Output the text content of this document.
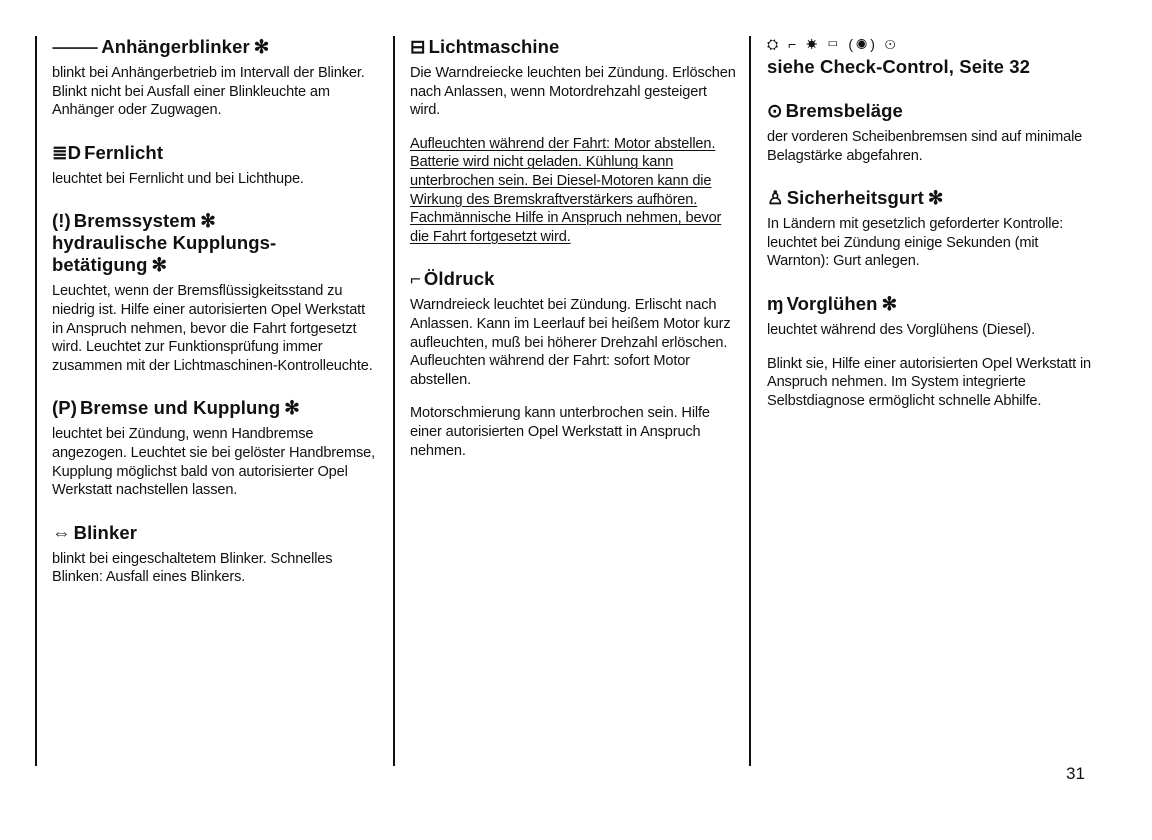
⸻ Anhängerblinker ✻

blinkt bei Anhängerbetrieb im Intervall der Blinker. Blinkt nicht bei Ausfall einer Blinkleuchte am Anhänger oder Zugwagen.

≣D Fernlicht

leuchtet bei Fernlicht und bei Lichthupe.

(!) Bremssystem ✻
hydraulische Kupplungs-betätigung ✻

Leuchtet, wenn der Bremsflüssigkeitsstand zu niedrig ist. Hilfe einer autorisierten Opel Werkstatt in Anspruch nehmen, bevor die Fahrt fortgesetzt wird. Leuchtet zur Funktionsprüfung immer zusammen mit der Lichtmaschinen-Kontrolleuchte.

(P) Bremse und Kupplung ✻

leuchtet bei Zündung, wenn Handbremse angezogen. Leuchtet sie bei gelöster Handbremse, Kupplung möglichst bald von autorisierter Opel Werkstatt nachstellen lassen.

⇔ Blinker

blinkt bei eingeschaltetem Blinker. Schnelles Blinken: Ausfall eines Blinkers.

⊟ Lichtmaschine

Die Warndreiecke leuchten bei Zündung. Erlöschen nach Anlassen, wenn Motordrehzahl gesteigert wird.

Aufleuchten während der Fahrt: Motor abstellen. Batterie wird nicht geladen. Kühlung kann unterbrochen sein. Bei Diesel-Motoren kann die Wirkung des Bremskraftverstärkers aufhören. Fachmännische Hilfe in Anspruch nehmen, bevor die Fahrt fortgesetzt wird.

⌐ Öldruck

Warndreieck leuchtet bei Zündung. Erlischt nach Anlassen. Kann im Leerlauf bei heißem Motor kurz aufleuchten, muß bei höherer Drehzahl erlöschen. Aufleuchten während der Fahrt: sofort Motor abstellen.

Motorschmierung kann unterbrochen sein. Hilfe einer autorisierten Opel Werkstatt in Anspruch nehmen.

⛭ ⌐ ☀ ▭ (◉) ⊙
siehe Check-Control, Seite 32
⊙ Bremsbeläge

der vorderen Scheibenbremsen sind auf minimale Belagstärke abgefahren.

♙ Sicherheitsgurt ✻

In Ländern mit gesetzlich geforderter Kontrolle: leuchtet bei Zündung einige Sekunden (mit Warnton): Gurt anlegen.

ɱ Vorglühen ✻

leuchtet während des Vorglühens (Diesel).

Blinkt sie, Hilfe einer autorisierten Opel Werkstatt in Anspruch nehmen. Im System integrierte Selbstdiagnose ermöglicht schnelle Abhilfe.

31
